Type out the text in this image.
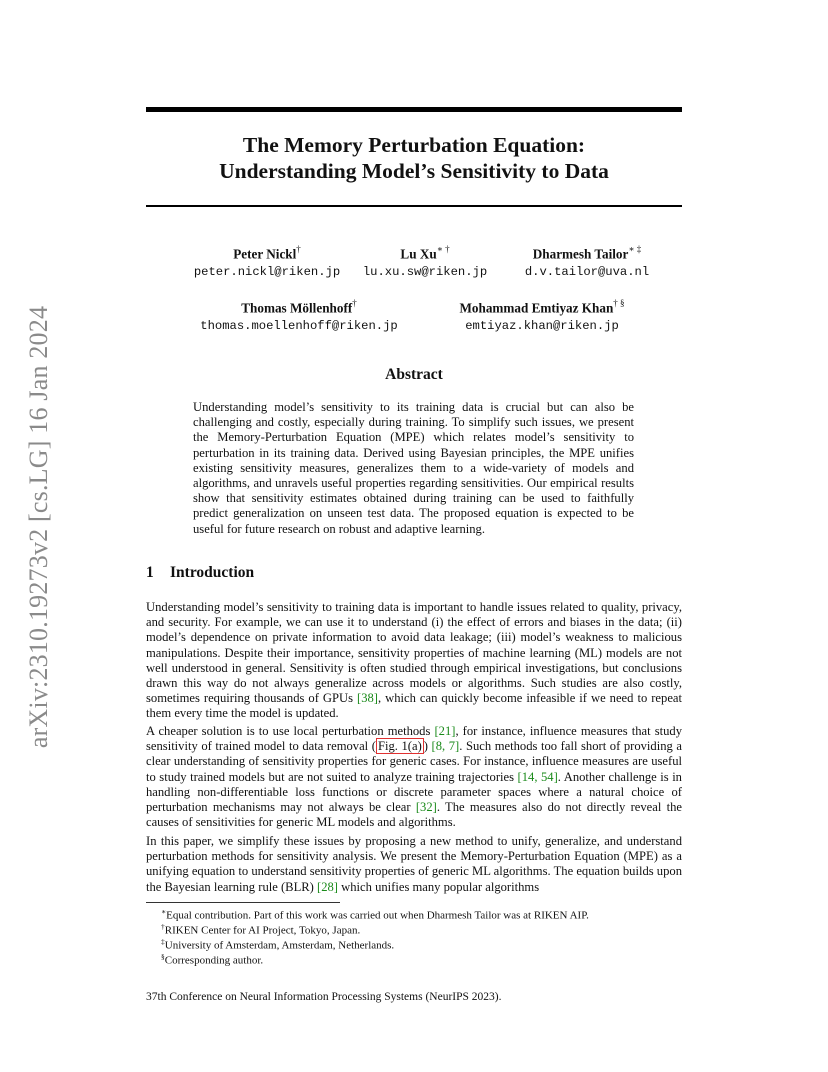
arXiv:2310.19273v2 [cs.LG] 16 Jan 2024
The Memory Perturbation Equation:
Understanding Model’s Sensitivity to Data
Peter Nickl†
peter.nickl@riken.jp
Lu Xu∗ †
lu.xu.sw@riken.jp
Dharmesh Tailor∗ ‡
d.v.tailor@uva.nl
Thomas Möllenhoff†
thomas.moellenhoff@riken.jp
Mohammad Emtiyaz Khan† §
emtiyaz.khan@riken.jp
Abstract
Understanding model’s sensitivity to its training data is crucial but can also be challenging and costly, especially during training. To simplify such issues, we present the Memory-Perturbation Equation (MPE) which relates model’s sensitivity to perturbation in its training data. Derived using Bayesian principles, the MPE unifies existing sensitivity measures, generalizes them to a wide-variety of models and algorithms, and unravels useful properties regarding sensitivities. Our empirical results show that sensitivity estimates obtained during training can be used to faithfully predict generalization on unseen test data. The proposed equation is expected to be useful for future research on robust and adaptive learning.
1 Introduction
Understanding model’s sensitivity to training data is important to handle issues related to quality, privacy, and security. For example, we can use it to understand (i) the effect of errors and biases in the data; (ii) model’s dependence on private information to avoid data leakage; (iii) model’s weakness to malicious manipulations. Despite their importance, sensitivity properties of machine learning (ML) models are not well understood in general. Sensitivity is often studied through empirical investigations, but conclusions drawn this way do not always generalize across models or algorithms. Such studies are also costly, sometimes requiring thousands of GPUs [38], which can quickly become infeasible if we need to repeat them every time the model is updated.
A cheaper solution is to use local perturbation methods [21], for instance, influence measures that study sensitivity of trained model to data removal ( Fig. 1(a) ) [8, 7]. Such methods too fall short of providing a clear understanding of sensitivity properties for generic cases. For instance, influence measures are useful to study trained models but are not suited to analyze training trajectories [14, 54]. Another challenge is in handling non-differentiable loss functions or discrete parameter spaces where a natural choice of perturbation mechanisms may not always be clear [32]. The measures also do not directly reveal the causes of sensitivities for generic ML models and algorithms.
In this paper, we simplify these issues by proposing a new method to unify, generalize, and understand perturbation methods for sensitivity analysis. We present the Memory-Perturbation Equation (MPE) as a unifying equation to understand sensitivity properties of generic ML algorithms. The equation builds upon the Bayesian learning rule (BLR) [28] which unifies many popular algorithms
∗Equal contribution. Part of this work was carried out when Dharmesh Tailor was at RIKEN AIP.
†RIKEN Center for AI Project, Tokyo, Japan.
‡University of Amsterdam, Amsterdam, Netherlands.
§Corresponding author.
37th Conference on Neural Information Processing Systems (NeurIPS 2023).
